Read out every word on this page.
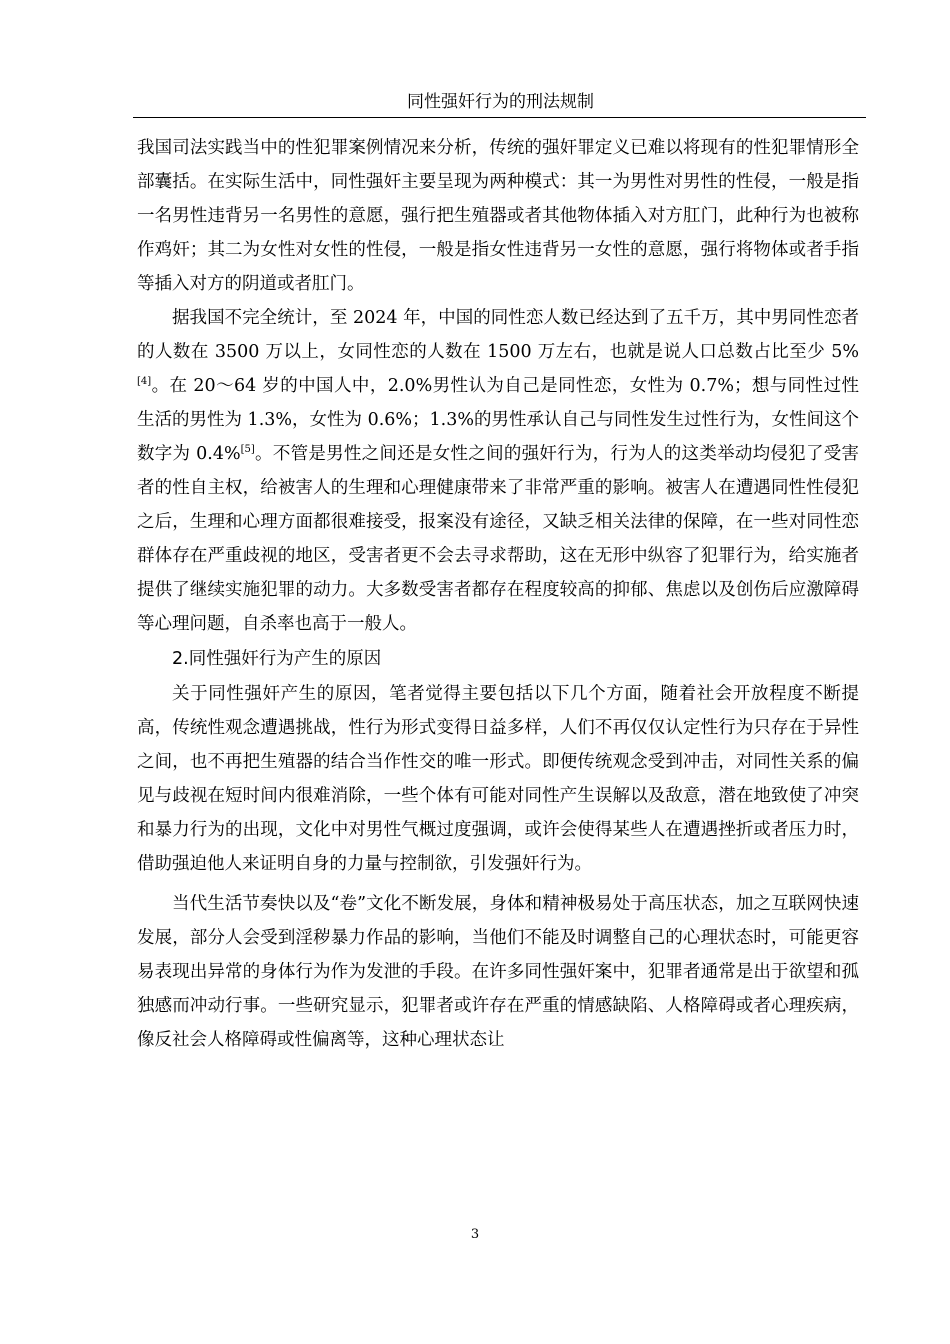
同性强奸行为的刑法规制

我国司法实践当中的性犯罪案例情况来分析，传统的强奸罪定义已难以将现有的性犯罪情形全部囊括。在实际生活中，同性强奸主要呈现为两种模式：其一为男性对男性的性侵，一般是指一名男性违背另一名男性的意愿，强行把生殖器或者其他物体插入对方肛门，此种行为也被称作鸡奸；其二为女性对女性的性侵，一般是指女性违背另一女性的意愿，强行将物体或者手指等插入对方的阴道或者肛门。

据我国不完全统计，至 2024 年，中国的同性恋人数已经达到了五千万，其中男同性恋者的人数在 3500 万以上，女同性恋的人数在 1500 万左右，也就是说人口总数占比至少 5%[4]。在 20～64 岁的中国人中，2.0%男性认为自己是同性恋，女性为 0.7%；想与同性过性生活的男性为 1.3%，女性为 0.6%；1.3%的男性承认自己与同性发生过性行为，女性间这个数字为 0.4%[5]。不管是男性之间还是女性之间的强奸行为，行为人的这类举动均侵犯了受害者的性自主权，给被害人的生理和心理健康带来了非常严重的影响。被害人在遭遇同性性侵犯之后，生理和心理方面都很难接受，报案没有途径，又缺乏相关法律的保障，在一些对同性恋群体存在严重歧视的地区，受害者更不会去寻求帮助，这在无形中纵容了犯罪行为，给实施者提供了继续实施犯罪的动力。大多数受害者都存在程度较高的抑郁、焦虑以及创伤后应激障碍等心理问题，自杀率也高于一般人。

2.同性强奸行为产生的原因

关于同性强奸产生的原因，笔者觉得主要包括以下几个方面，随着社会开放程度不断提高，传统性观念遭遇挑战，性行为形式变得日益多样，人们不再仅仅认定性行为只存在于异性之间，也不再把生殖器的结合当作性交的唯一形式。即便传统观念受到冲击，对同性关系的偏见与歧视在短时间内很难消除，一些个体有可能对同性产生误解以及敌意，潜在地致使了冲突和暴力行为的出现，文化中对男性气概过度强调，或许会使得某些人在遭遇挫折或者压力时，借助强迫他人来证明自身的力量与控制欲，引发强奸行为。

当代生活节奏快以及“卷”文化不断发展，身体和精神极易处于高压状态，加之互联网快速发展，部分人会受到淫秽暴力作品的影响，当他们不能及时调整自己的心理状态时，可能更容易表现出异常的身体行为作为发泄的手段。在许多同性强奸案中，犯罪者通常是出于欲望和孤独感而冲动行事。一些研究显示，犯罪者或许存在严重的情感缺陷、人格障碍或者心理疾病，像反社会人格障碍或性偏离等，这种心理状态让

3
